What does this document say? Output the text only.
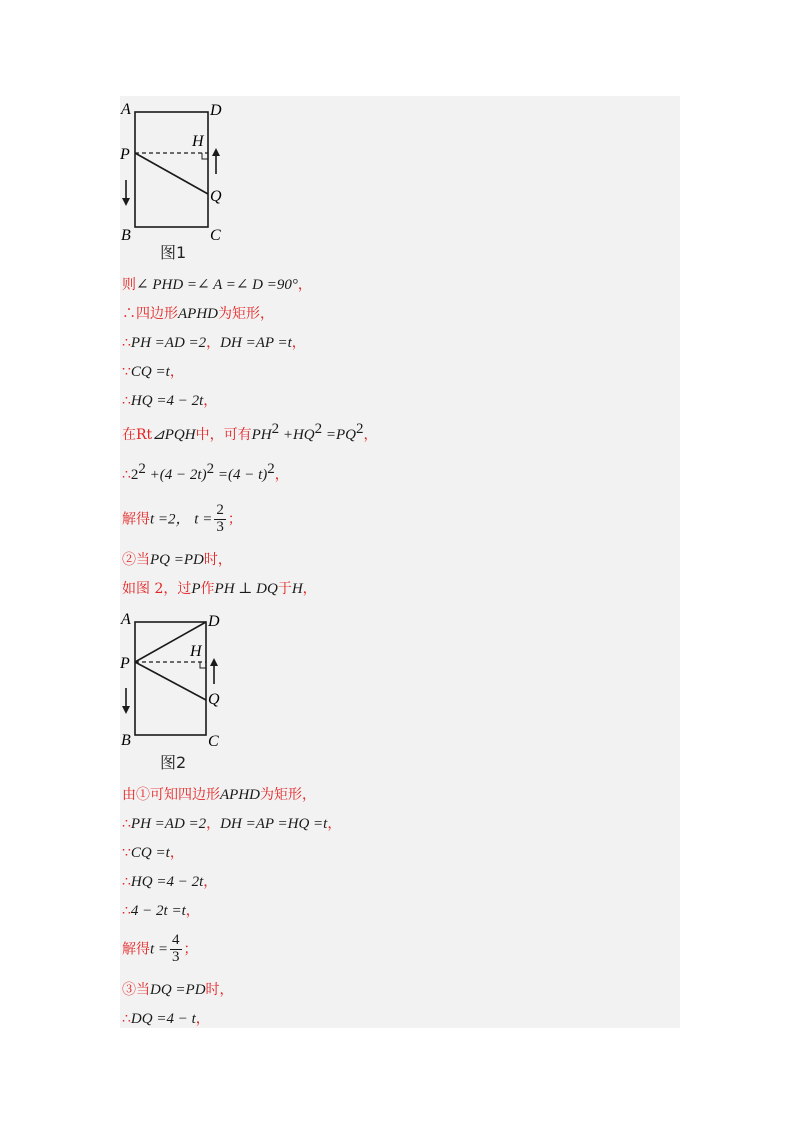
A	D
H
P
Q
B	C
图1
则∠ PHD =∠ A =∠ D =90°，
∴四边形APHD为矩形，
∴PH =AD =2，DH =AP =t，
∵CQ =t，
∴HQ =4 − 2t，
在Rt⊿PQH中，可有$PH^2 +HQ^2 =PQ^2$，
$\therefore 2^2 +(4 - 2t)^2 =(4 - t)^2$，
解得t =2， $t = \frac{2}{3}$ ；
②当PQ =PD时，
如图 2，过P作PH ⊥ DQ于H，
A	D
H
P
Q
B	C
图2
由①可知四边形APHD为矩形，
∴PH =AD =2，DH =AP =HQ =t，
∵CQ =t，
∴HQ =4 − 2t，
∴4 − 2t =t，
解得$t = \frac{4}{3}$ ；
③当DQ =PD时，
∴DQ =4 − t，
